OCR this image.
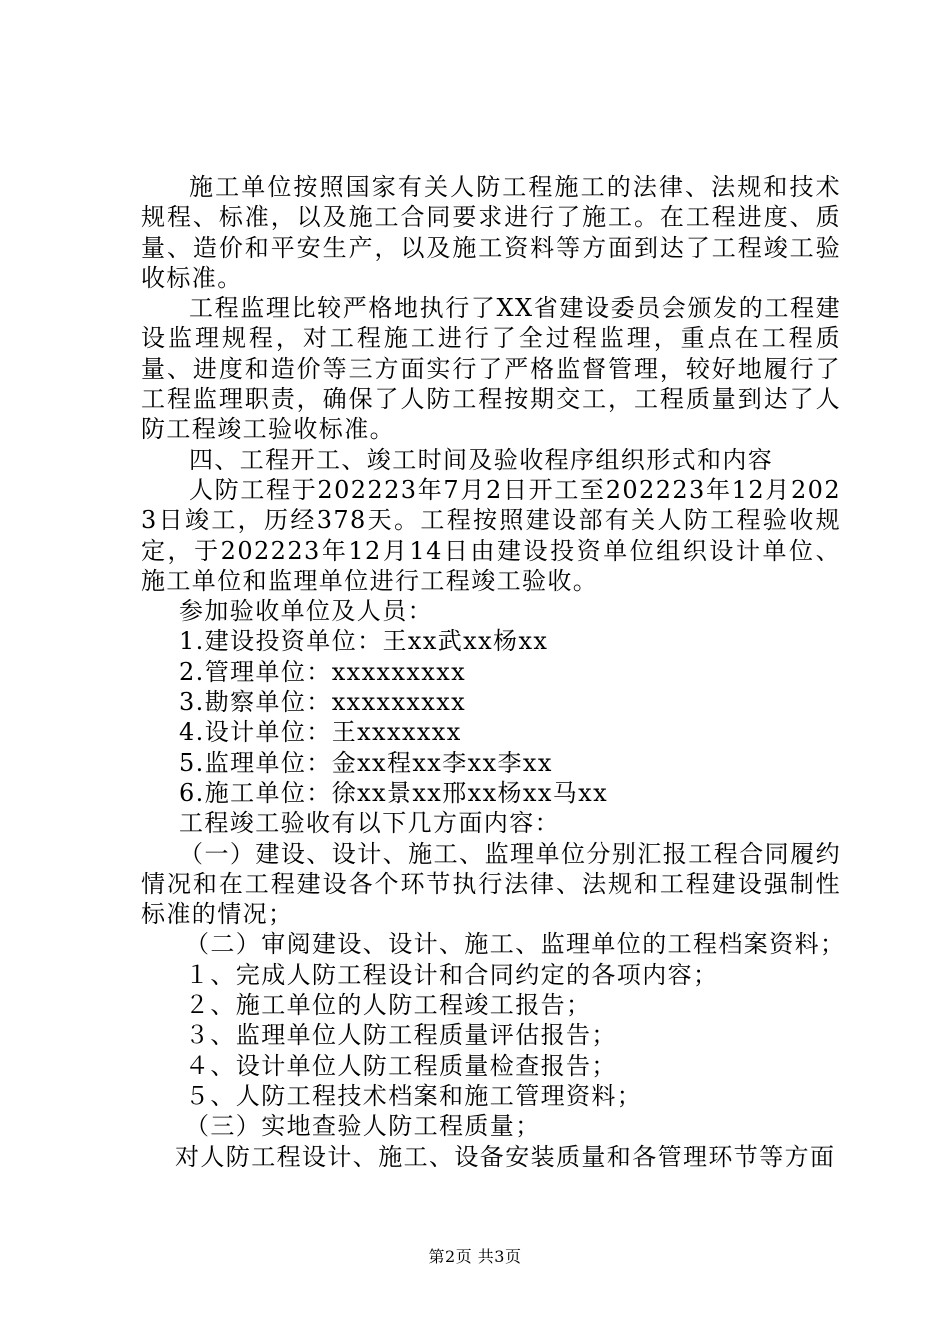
施工单位按照国家有关人防工程施工的法律、法规和技术规程、标准，以及施工合同要求进行了施工。在工程进度、质量、造价和平安生产，以及施工资料等方面到达了工程竣工验收标准。

工程监理比较严格地执行了XX省建设委员会颁发的工程建设监理规程，对工程施工进行了全过程监理，重点在工程质量、进度和造价等三方面实行了严格监督管理，较好地履行了工程监理职责，确保了人防工程按期交工，工程质量到达了人防工程竣工验收标准。

四、工程开工、竣工时间及验收程序组织形式和内容

人防工程于202223年7月2日开工至202223年12月2023日竣工，历经378天。工程按照建设部有关人防工程验收规定，于202223年12月14日由建设投资单位组织设计单位、施工单位和监理单位进行工程竣工验收。

参加验收单位及人员：

1.建设投资单位：王xx武xx杨xx

2.管理单位：xxxxxxxxx

3.勘察单位：xxxxxxxxx

4.设计单位：王xxxxxxx

5.监理单位：金xx程xx李xx李xx

6.施工单位：徐xx景xx邢xx杨xx马xx

工程竣工验收有以下几方面内容：

（一）建设、设计、施工、监理单位分别汇报工程合同履约情况和在工程建设各个环节执行法律、法规和工程建设强制性标准的情况；

（二）审阅建设、设计、施工、监理单位的工程档案资料；

１、完成人防工程设计和合同约定的各项内容；

２、施工单位的人防工程竣工报告；

３、监理单位人防工程质量评估报告；

４、设计单位人防工程质量检查报告；

５、人防工程技术档案和施工管理资料；

（三）实地查验人防工程质量；

对人防工程设计、施工、设备安装质量和各管理环节等方面

第2页 共3页
